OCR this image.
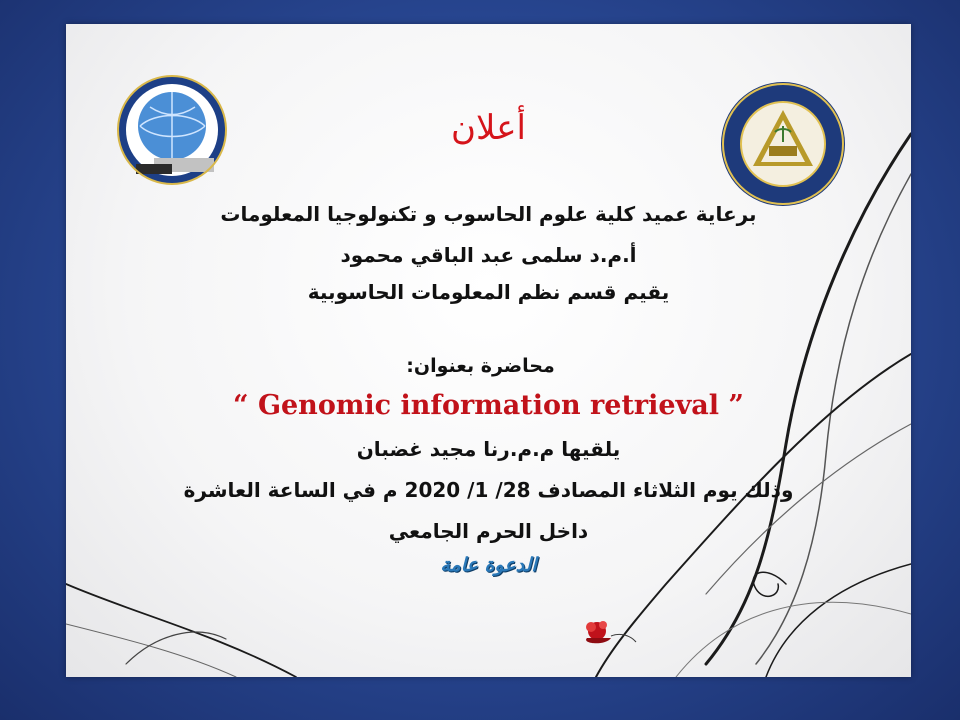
أعلان
برعاية عميد كلية علوم الحاسوب و تكنولوجيا المعلومات
أ.م.د سلمى عبد الباقي محمود
يقيم قسم نظم المعلومات الحاسوبية
محاضرة بعنوان:
“ Genomic information retrieval ”
يلقيها م.م.رنا مجيد غضبان
وذلك يوم الثلاثاء المصادف 28/ 1/ 2020 م في الساعة العاشرة
داخل الحرم الجامعي
الدعوة عامة
